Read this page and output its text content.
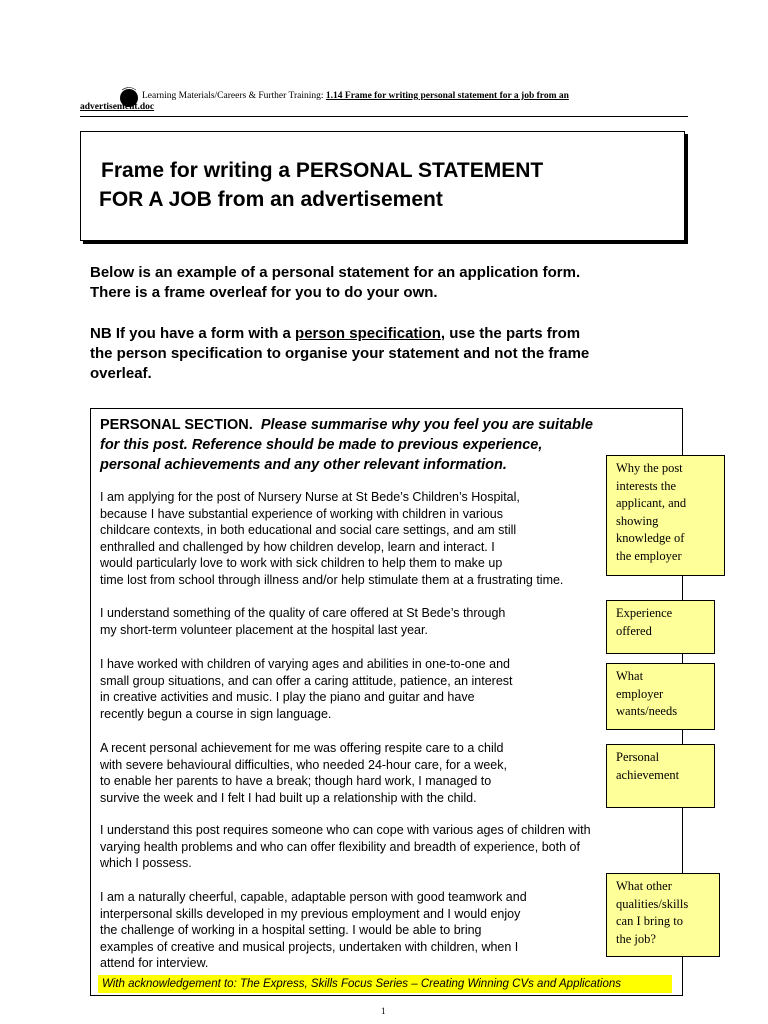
Learning Materials/Careers & Further Training: 1.14 Frame for writing personal statement for a job from an
advertisement.doc
Frame for writing a PERSONAL STATEMENT
FOR A JOB from an advertisement
Below is an example of a personal statement for an application form.
There is a frame overleaf for you to do your own.
NB If you have a form with a person specification, use the parts from
the person specification to organise your statement and not the frame
overleaf.
PERSONAL SECTION. Please summarise why you feel you are suitable
for this post. Reference should be made to previous experience,
personal achievements and any other relevant information.
I am applying for the post of Nursery Nurse at St Bede’s Children’s Hospital,
because I have substantial experience of working with children in various
childcare contexts, in both educational and social care settings, and am still
enthralled and challenged by how children develop, learn and interact. I
would particularly love to work with sick children to help them to make up
time lost from school through illness and/or help stimulate them at a frustrating time.
I understand something of the quality of care offered at St Bede’s through
my short-term volunteer placement at the hospital last year.
I have worked with children of varying ages and abilities in one-to-one and
small group situations, and can offer a caring attitude, patience, an interest
in creative activities and music. I play the piano and guitar and have
recently begun a course in sign language.
A recent personal achievement for me was offering respite care to a child
with severe behavioural difficulties, who needed 24-hour care, for a week,
to enable her parents to have a break; though hard work, I managed to
survive the week and I felt I had built up a relationship with the child.
I understand this post requires someone who can cope with various ages of children with
varying health problems and who can offer flexibility and breadth of experience, both of
which I possess.
I am a naturally cheerful, capable, adaptable person with good teamwork and
interpersonal skills developed in my previous employment and I would enjoy
the challenge of working in a hospital setting. I would be able to bring
examples of creative and musical projects, undertaken with children, when I
attend for interview.
Why the post
interests the
applicant, and
showing
knowledge of
the employer
Experience
offered
What
employer
wants/needs
Personal
achievement
What other
qualities/skills
can I bring to
the job?
With acknowledgement to: The Express, Skills Focus Series – Creating Winning CVs and Applications
1
